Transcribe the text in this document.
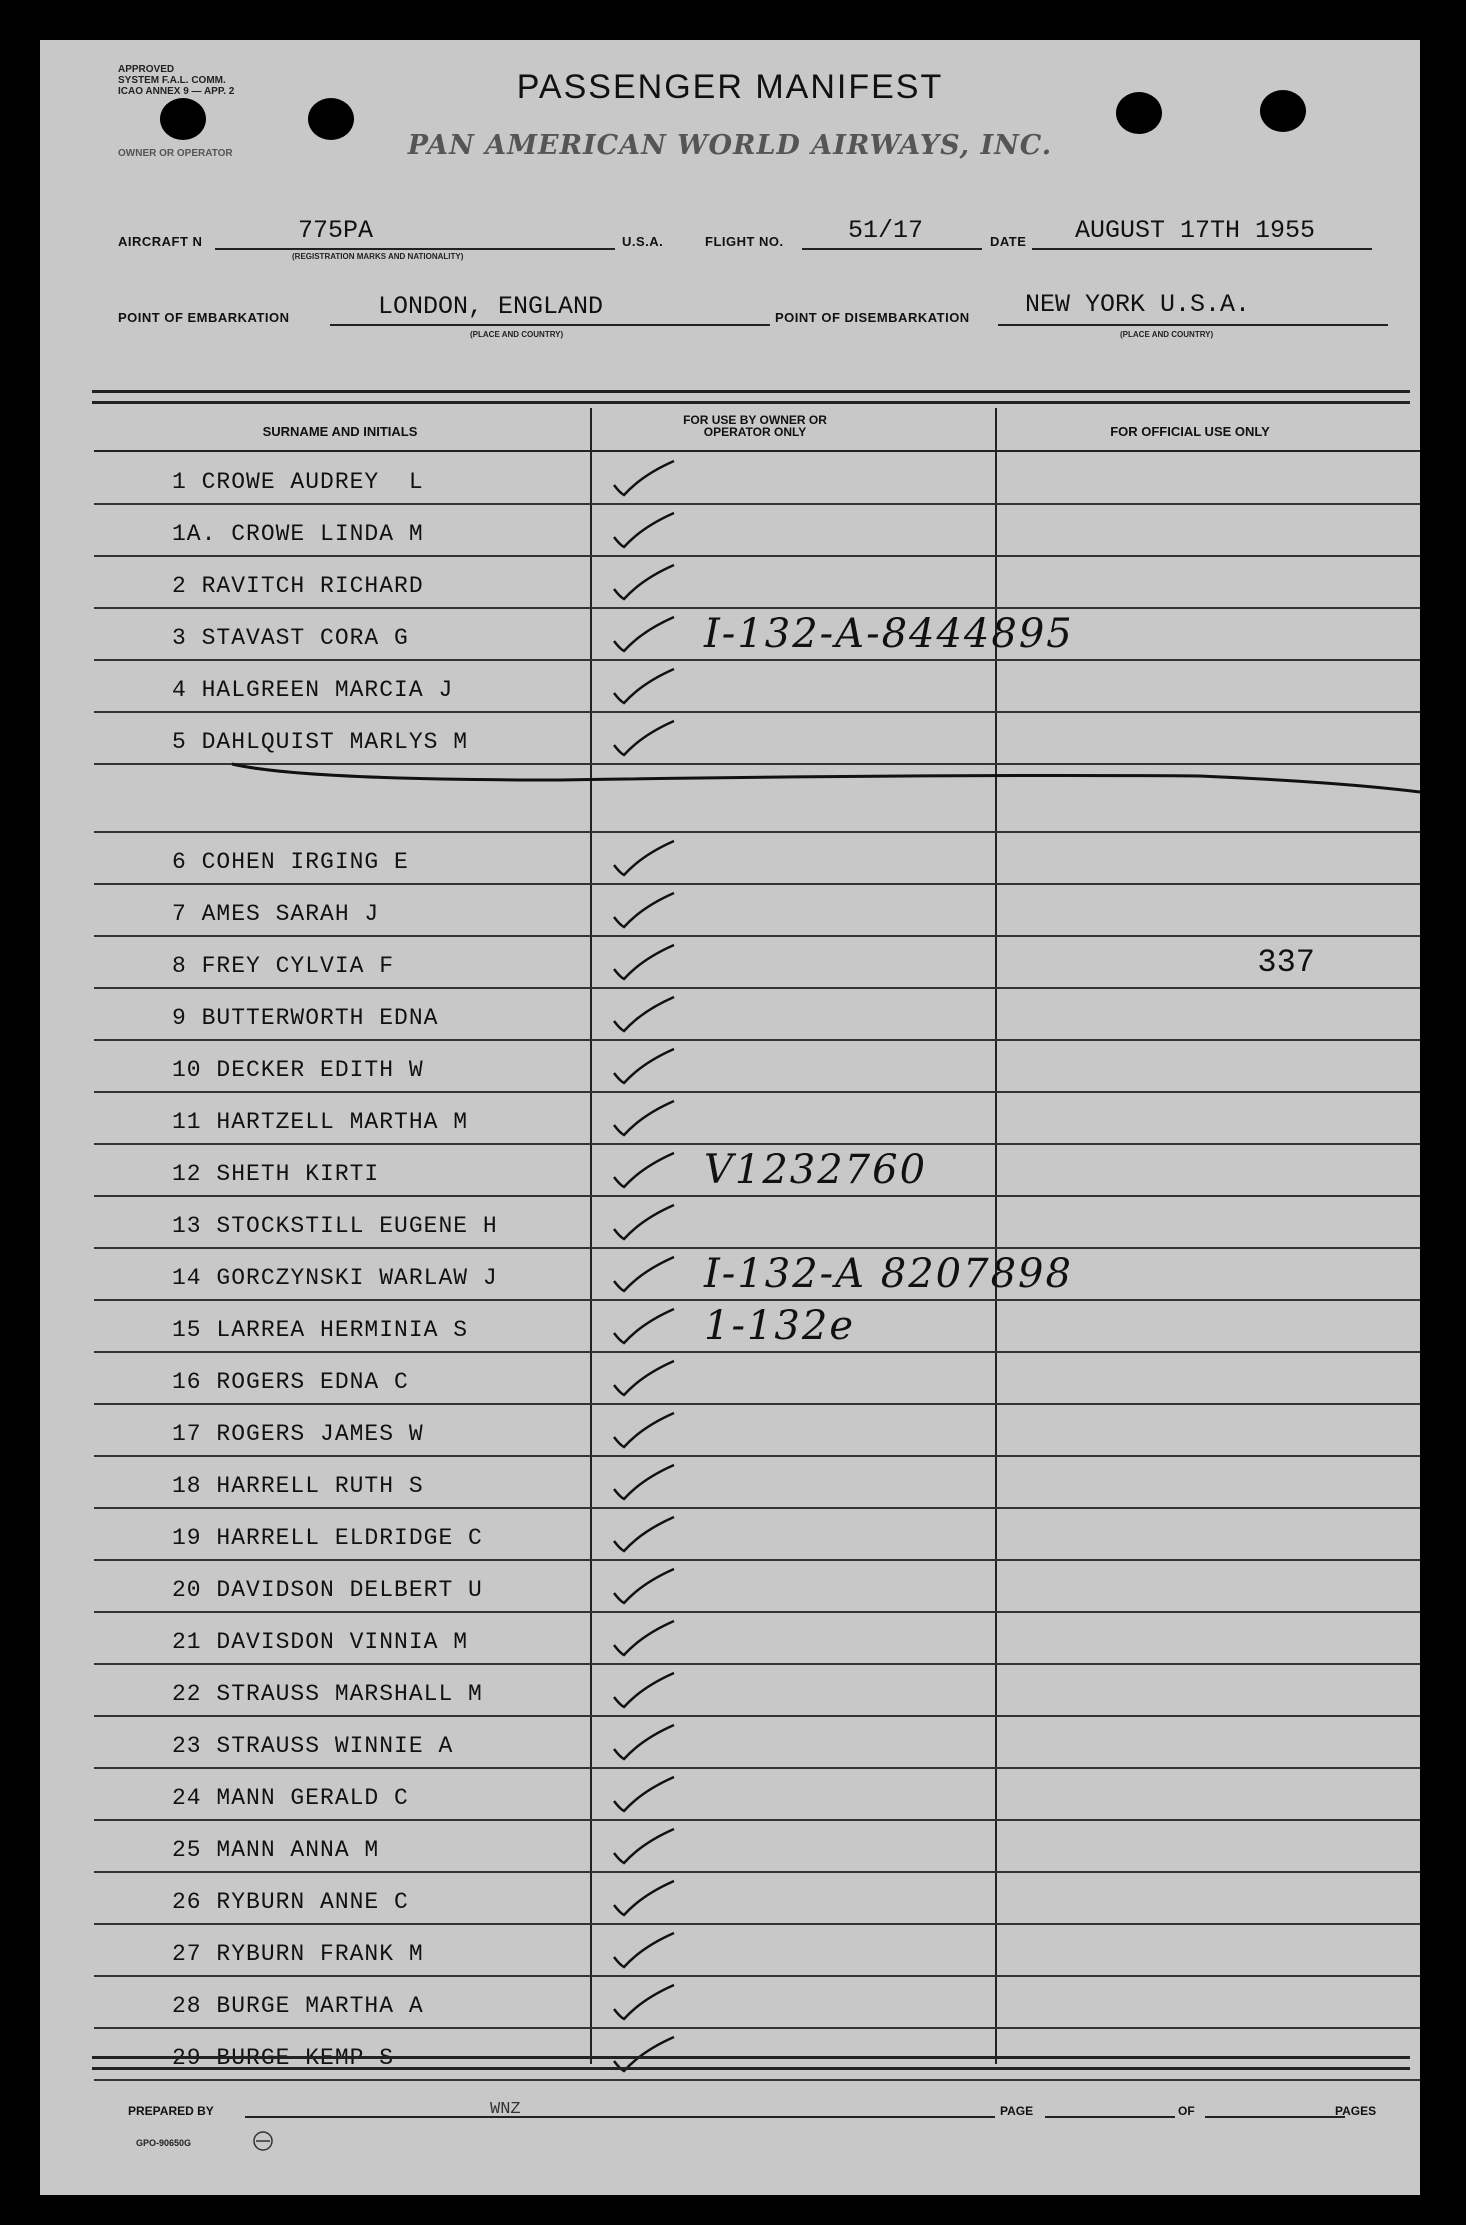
APPROVED
SYSTEM F.A.L. COMM.
ICAO ANNEX 9 — APP. 2
OWNER OR OPERATOR
PASSENGER MANIFEST
PAN AMERICAN WORLD AIRWAYS, INC.
AIRCRAFT N	775PA
(REGISTRATION MARKS AND NATIONALITY)
U.S.A.	FLIGHT NO.	51/17	DATE AUGUST 17TH 1955
POINT OF EMBARKATION	LONDON, ENGLAND
(PLACE AND COUNTRY)
POINT OF DISEMBARKATION NEW YORK U.S.A.
(PLACE AND COUNTRY)
SURNAME AND INITIALS
FOR USE BY OWNER OR OPERATOR ONLY	FOR OFFICIAL USE ONLY
1 CROWE AUDREY  L
1A. CROWE LINDA M
2 RAVITCH RICHARD
3 STAVAST CORA G	I-132-A-8444895
4 HALGREEN MARCIA J
5 DAHLQUIST MARLYS M
6 COHEN IRGING E
7 AMES SARAH J
8 FREY CYLVIA F	337
9 BUTTERWORTH EDNA
10 DECKER EDITH W
11 HARTZELL MARTHA M
12 SHETH KIRTI	V1232760
13 STOCKSTILL EUGENE H
14 GORCZYNSKI WARLAW J	I-132-A 8207898
15 LARREA HERMINIA S	1-132e
16 ROGERS EDNA C
17 ROGERS JAMES W
18 HARRELL RUTH S
19 HARRELL ELDRIDGE C
20 DAVIDSON DELBERT U
21 DAVISDON VINNIA M
22 STRAUSS MARSHALL M
23 STRAUSS WINNIE A
24 MANN GERALD C
25 MANN ANNA M
26 RYBURN ANNE C
27 RYBURN FRANK M
28 BURGE MARTHA A
29 BURGE KEMP S
PREPARED BY	WNZ	PAGE	OF	PAGES
GPO-90650G
